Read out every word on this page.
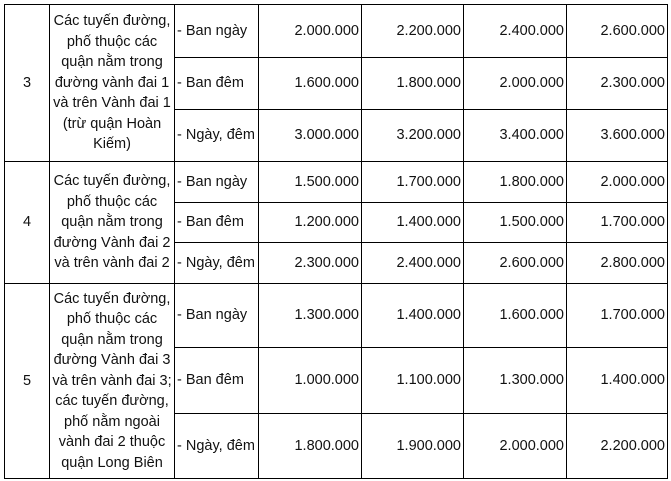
3	Các tuyến đường, phố thuộc các quận nằm trong đường vành đai 1 và trên Vành đai 1 (trừ quận Hoàn Kiếm)	- Ban ngày	2.000.000	2.200.000	2.400.000	2.600.000
		- Ban đêm	1.600.000	1.800.000	2.000.000	2.300.000
		- Ngày, đêm	3.000.000	3.200.000	3.400.000	3.600.000
4	Các tuyến đường, phố thuộc các quận nằm trong đường Vành đai 2 và trên vành đai 2	- Ban ngày	1.500.000	1.700.000	1.800.000	2.000.000
		- Ban đêm	1.200.000	1.400.000	1.500.000	1.700.000
		- Ngày, đêm	2.300.000	2.400.000	2.600.000	2.800.000
5	Các tuyến đường, phố thuộc các quận nằm trong đường Vành đai 3 và trên vành đai 3; các tuyến đường, phố nằm ngoài vành đai 2 thuộc quận Long Biên	- Ban ngày	1.300.000	1.400.000	1.600.000	1.700.000
		- Ban đêm	1.000.000	1.100.000	1.300.000	1.400.000
		- Ngày, đêm	1.800.000	1.900.000	2.000.000	2.200.000
